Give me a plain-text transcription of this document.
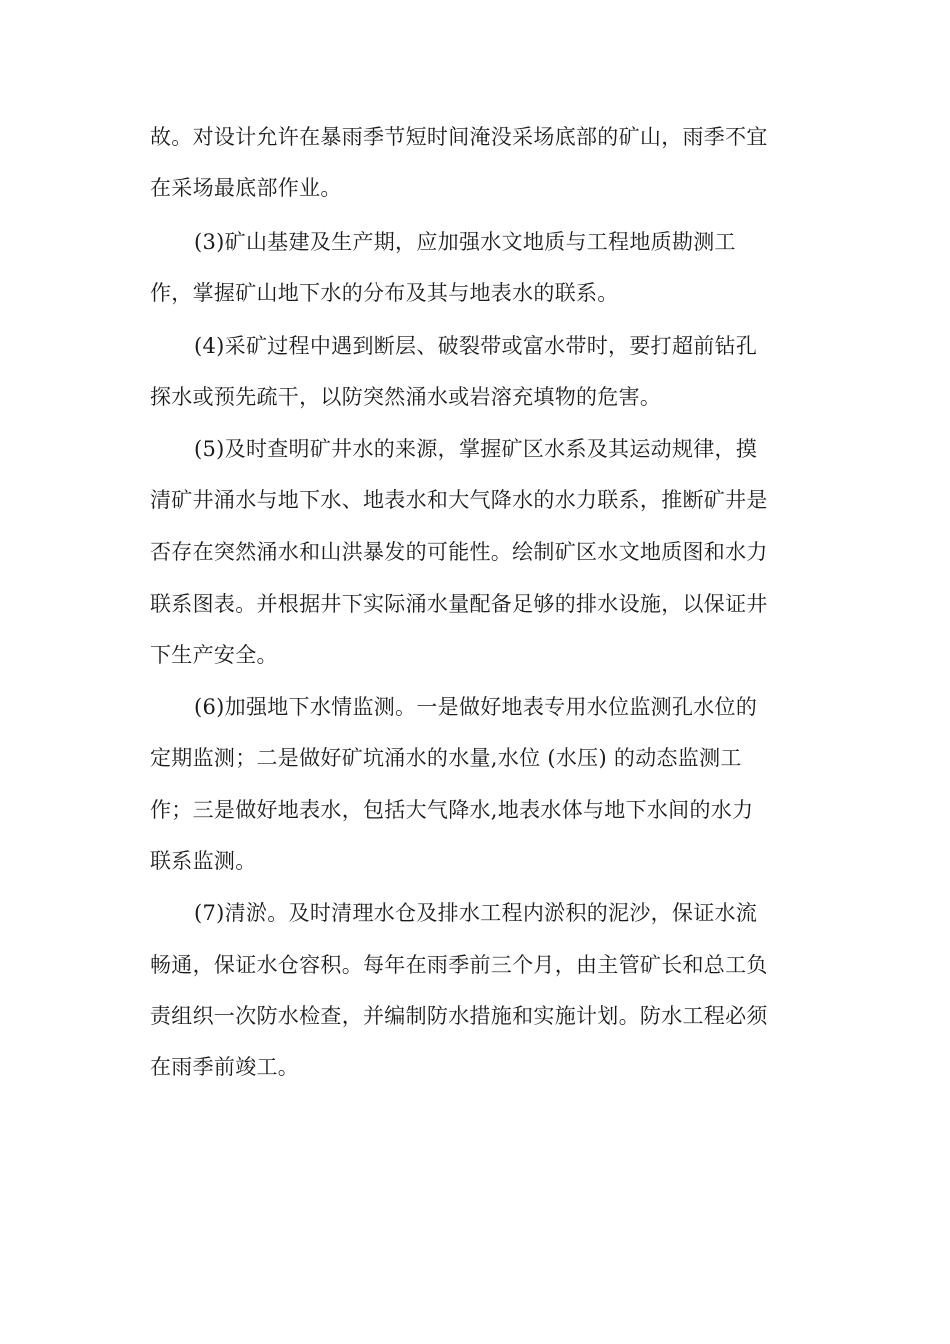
故。对设计允许在暴雨季节短时间淹没采场底部的矿山，雨季不宜
在采场最底部作业。
(3)矿山基建及生产期，应加强水文地质与工程地质勘测工
作，掌握矿山地下水的分布及其与地表水的联系。
(4)采矿过程中遇到断层、破裂带或富水带时，要打超前钻孔
探水或预先疏干，以防突然涌水或岩溶充填物的危害。
(5)及时查明矿井水的来源，掌握矿区水系及其运动规律，摸
清矿井涌水与地下水、地表水和大气降水的水力联系，推断矿井是
否存在突然涌水和山洪暴发的可能性。绘制矿区水文地质图和水力
联系图表。并根据井下实际涌水量配备足够的排水设施，以保证井
下生产安全。
(6)加强地下水情监测。一是做好地表专用水位监测孔水位的
定期监测；二是做好矿坑涌水的水量,水位 (水压) 的动态监测工
作；三是做好地表水，包括大气降水,地表水体与地下水间的水力
联系监测。
(7)清淤。及时清理水仓及排水工程内淤积的泥沙，保证水流
畅通，保证水仓容积。每年在雨季前三个月，由主管矿长和总工负
责组织一次防水检查，并编制防水措施和实施计划。防水工程必须
在雨季前竣工。
